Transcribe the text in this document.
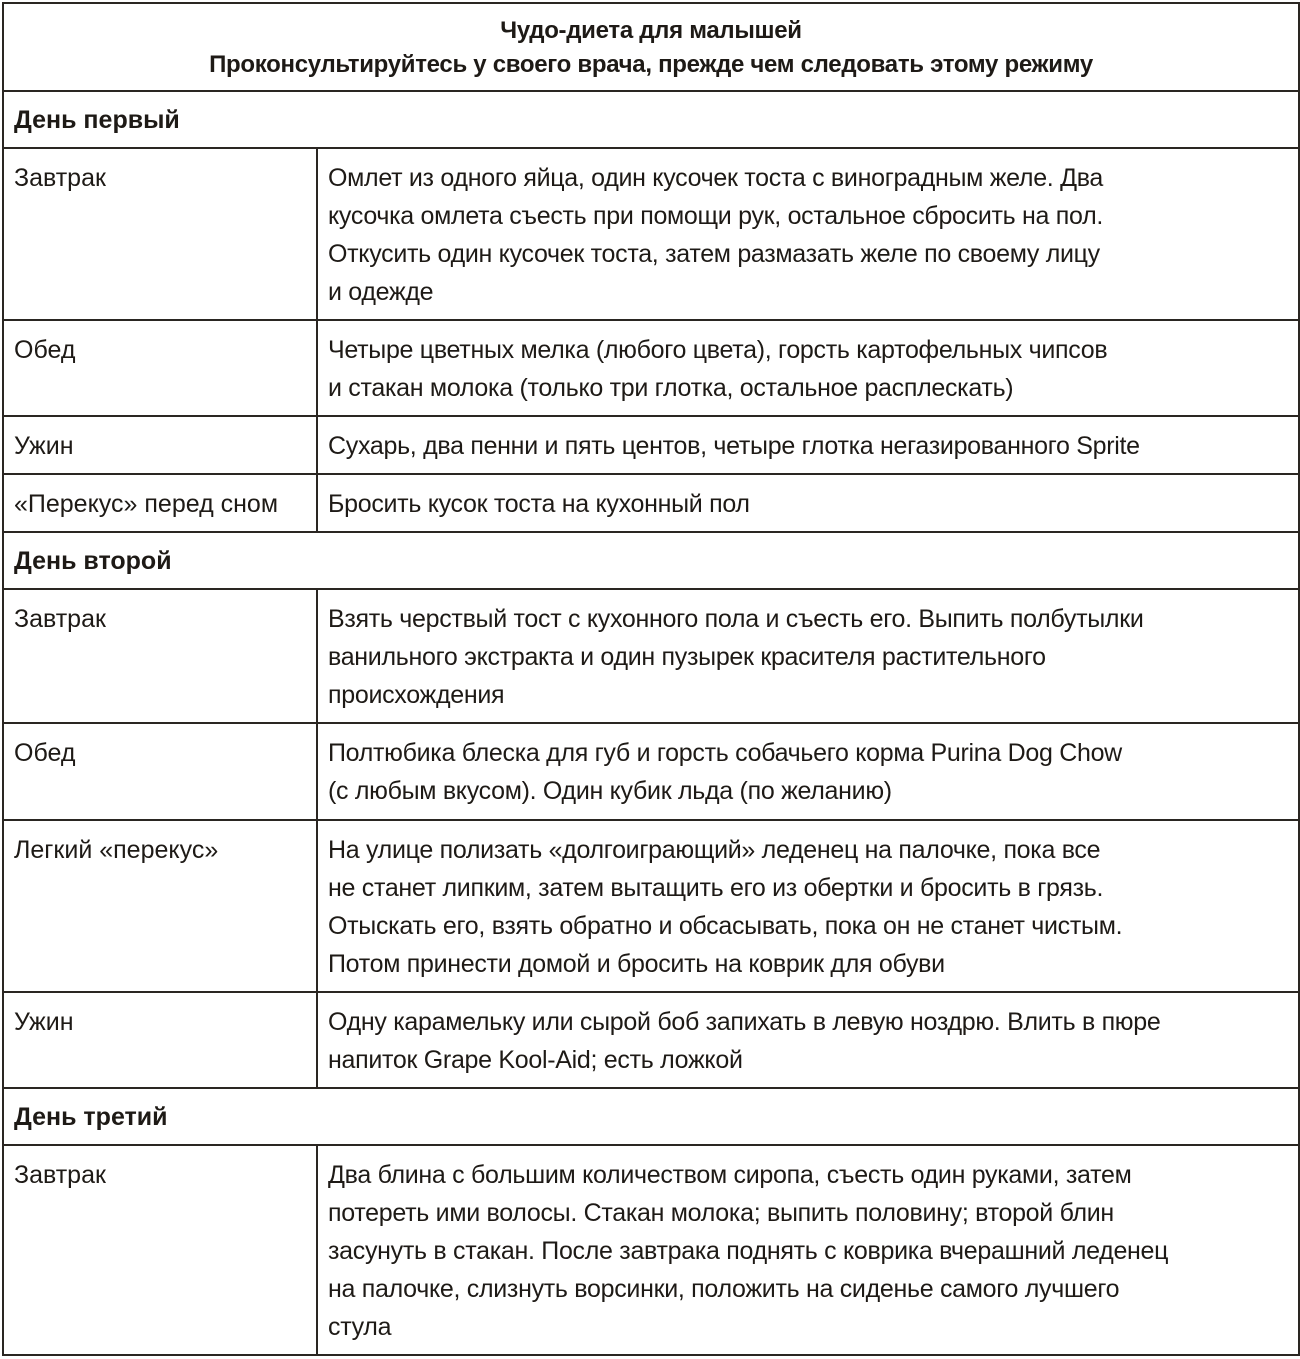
Чудо-диета для малышей
Проконсультируйтесь у своего врача, прежде чем следовать этому режиму	

День первый	
Завтрак	Омлет из одного яйца, один кусочек тоста с виноградным желе. Два
кусочка омлета съесть при помощи рук, остальное сбросить на пол.
Откусить один кусочек тоста, затем размазать желе по своему лицу
и одежде

Обед	Четыре цветных мелка (любого цвета), горсть картофельных чипсов
и стакан молока (только три глотка, остальное расплескать)

Ужин	Сухарь, два пенни и пять центов, четыре глотка негазированного Sprite

«Перекус» перед сном	Бросить кусок тоста на кухонный пол

День второй	
Завтрак	Взять черствый тост с кухонного пола и съесть его. Выпить полбутылки
ванильного экстракта и один пузырек красителя растительного
происхождения

Обед	Полтюбика блеска для губ и горсть собачьего корма Purina Dog Chow
(с любым вкусом). Один кубик льда (по желанию)

Легкий «перекус»	На улице полизать «долгоиграющий» леденец на палочке, пока все
не станет липким, затем вытащить его из обертки и бросить в грязь.
Отыскать его, взять обратно и обсасывать, пока он не станет чистым.
Потом принести домой и бросить на коврик для обуви

Ужин	Одну карамельку или сырой боб запихать в левую ноздрю. Влить в пюре
напиток Grape Kool-Aid; есть ложкой

День третий	
Завтрак	Два блина с большим количеством сиропа, съесть один руками, затем
потереть ими волосы. Стакан молока; выпить половину; второй блин
засунуть в стакан. После завтрака поднять с коврика вчерашний леденец
на палочке, слизнуть ворсинки, положить на сиденье самого лучшего
стула
